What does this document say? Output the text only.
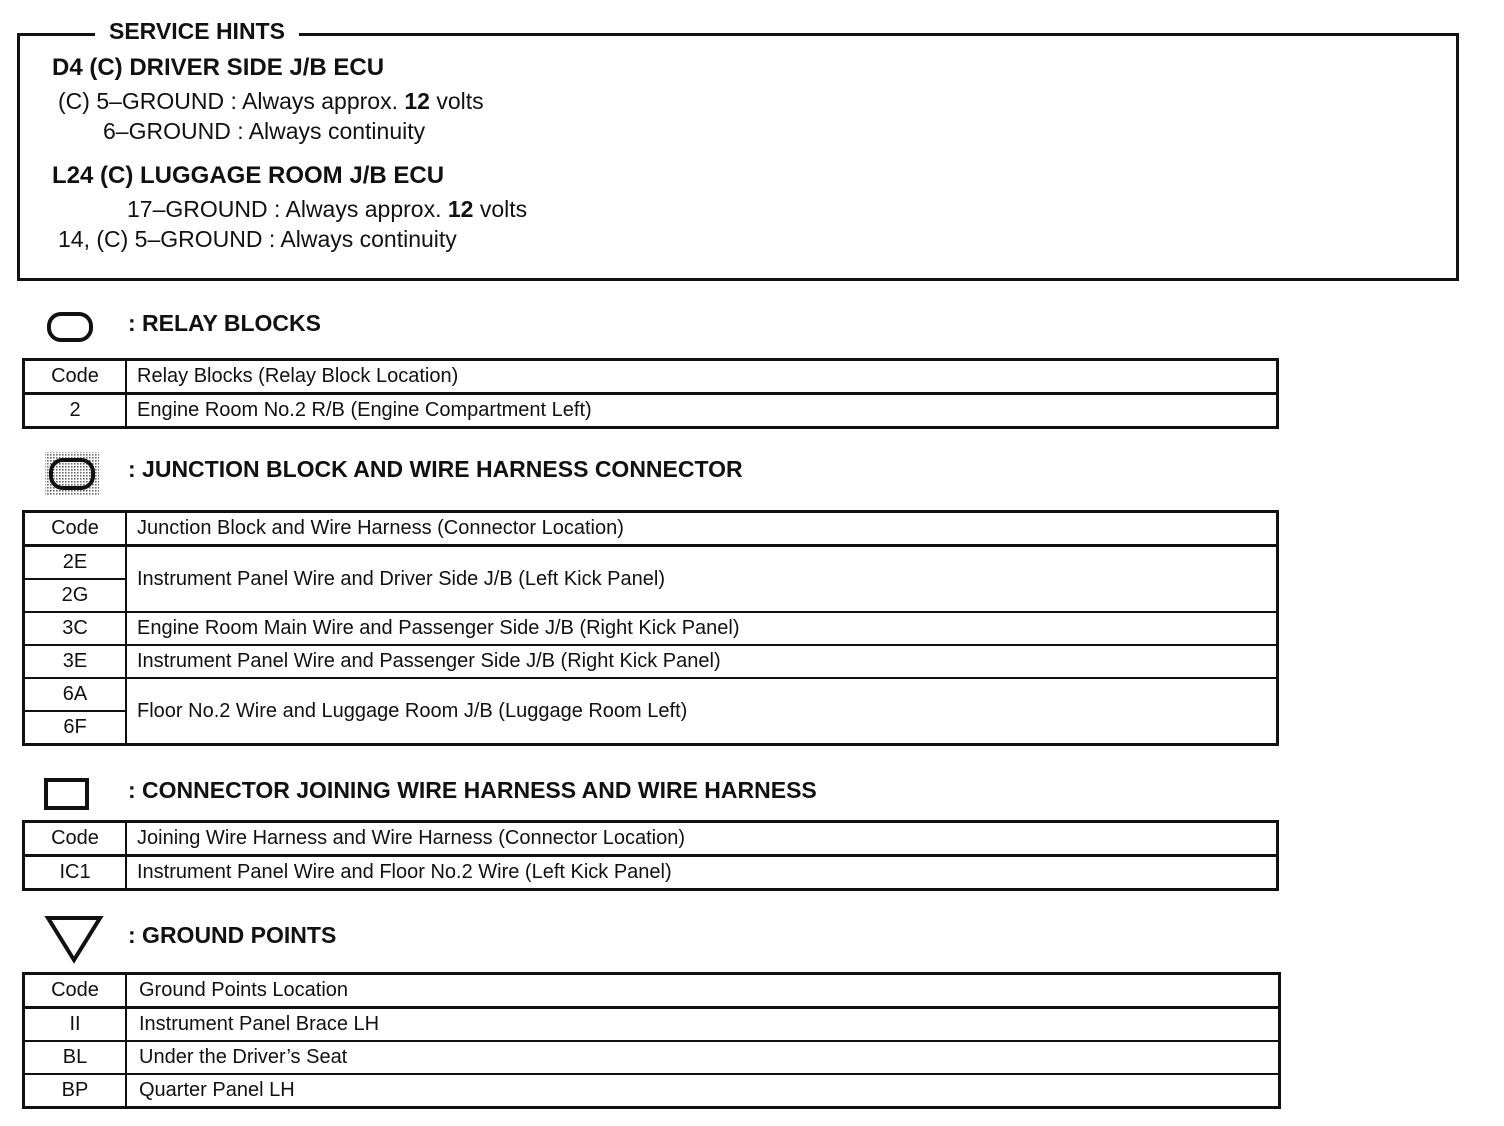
SERVICE HINTS
D4 (C) DRIVER SIDE J/B ECU
(C) 5–GROUND : Always approx. 12 volts
6–GROUND : Always continuity
L24 (C) LUGGAGE ROOM J/B ECU
17–GROUND : Always approx. 12 volts
14, (C) 5–GROUND : Always continuity
: RELAY BLOCKS
Code	Relay Blocks (Relay Block Location)
2	Engine Room No.2 R/B (Engine Compartment Left)
: JUNCTION BLOCK AND WIRE HARNESS CONNECTOR
Code	Junction Block and Wire Harness (Connector Location)
2E	Instrument Panel Wire and Driver Side J/B (Left Kick Panel)
2G	
3C	Engine Room Main Wire and Passenger Side J/B (Right Kick Panel)
3E	Instrument Panel Wire and Passenger Side J/B (Right Kick Panel)
6A	Floor No.2 Wire and Luggage Room J/B (Luggage Room Left)
6F	
: CONNECTOR JOINING WIRE HARNESS AND WIRE HARNESS
Code	Joining Wire Harness and Wire Harness (Connector Location)
IC1	Instrument Panel Wire and Floor No.2 Wire (Left Kick Panel)
: GROUND POINTS
Code	Ground Points Location
II	Instrument Panel Brace LH
BL	Under the Driver’s Seat
BP	Quarter Panel LH
